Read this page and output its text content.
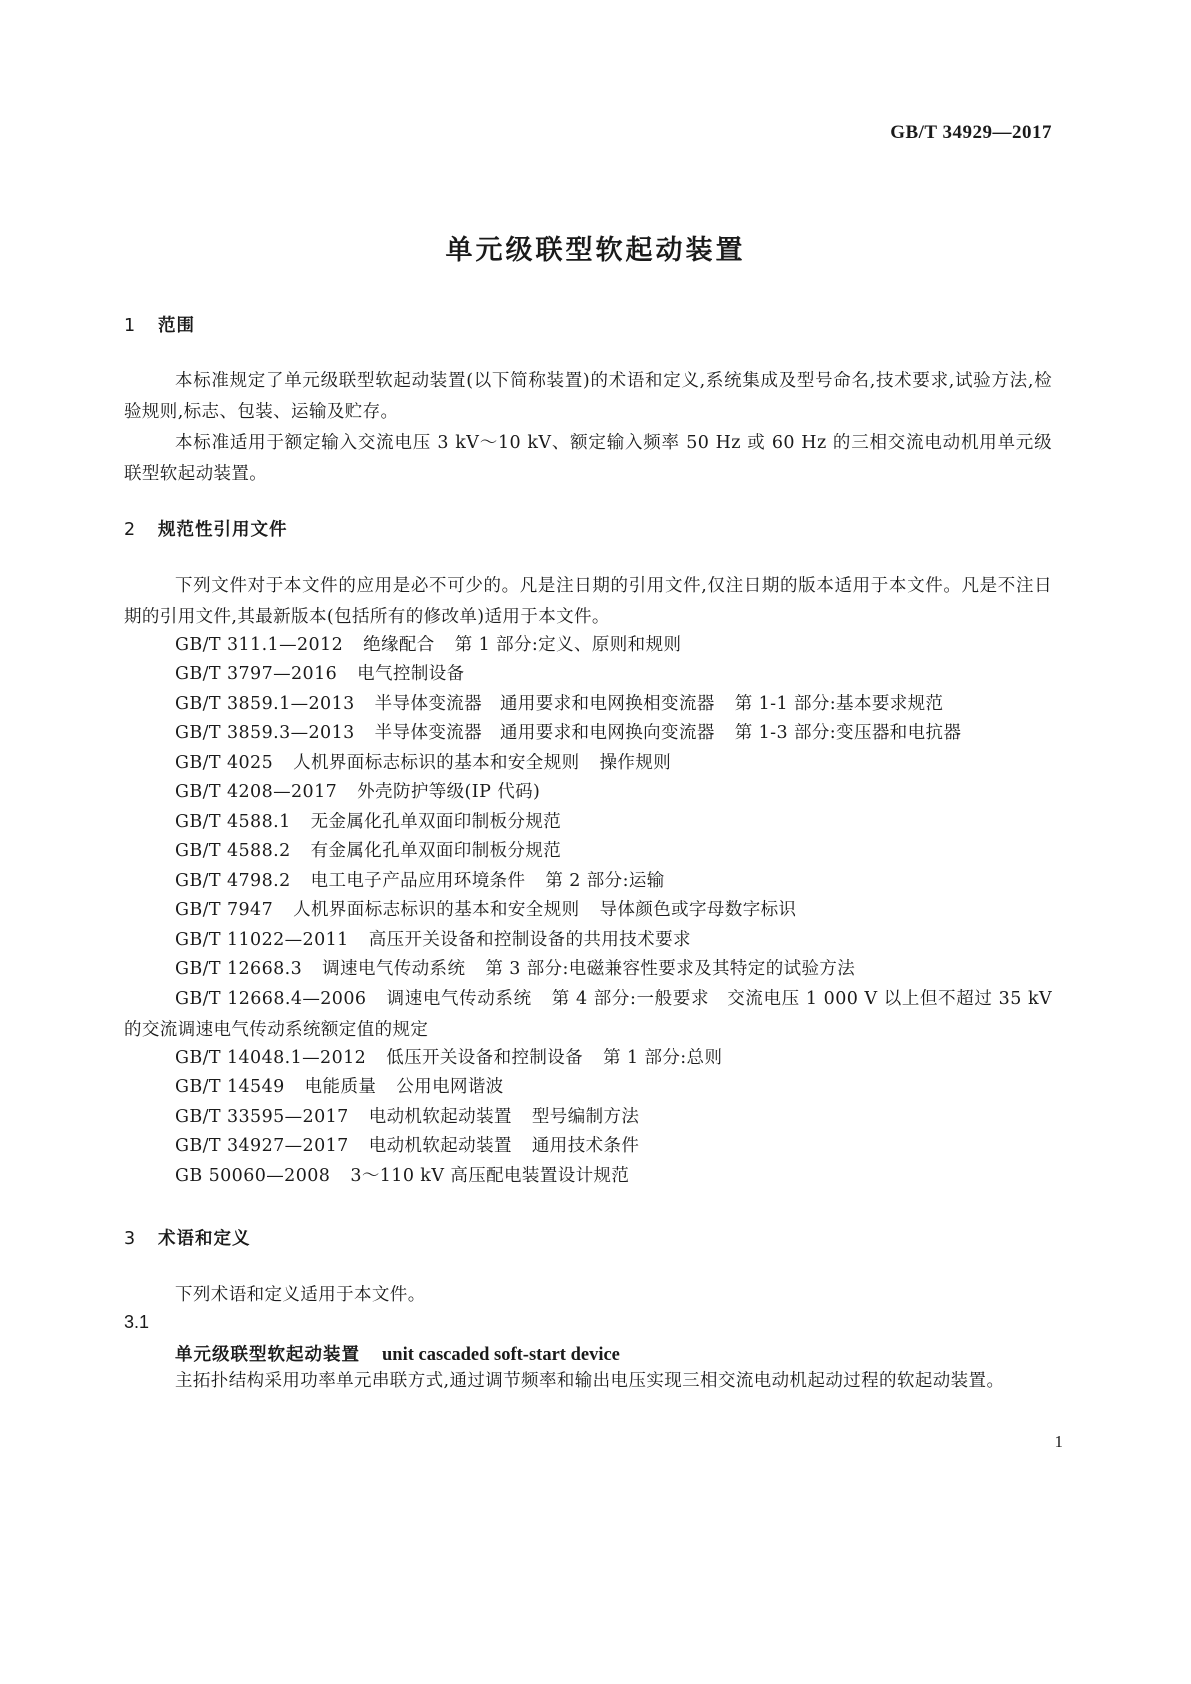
GB/T 34929—2017
单元级联型软起动装置
1 范围

本标准规定了单元级联型软起动装置(以下简称装置)的术语和定义,系统集成及型号命名,技术要求,试验方法,检验规则,标志、包装、运输及贮存。

本标准适用于额定输入交流电压 3 kV～10 kV、额定输入频率 50 Hz 或 60 Hz 的三相交流电动机用单元级联型软起动装置。

2 规范性引用文件

下列文件对于本文件的应用是必不可少的。凡是注日期的引用文件,仅注日期的版本适用于本文件。凡是不注日期的引用文件,其最新版本(包括所有的修改单)适用于本文件。

GB/T 311.1—2012 绝缘配合 第 1 部分:定义、原则和规则

GB/T 3797—2016 电气控制设备

GB/T 3859.1—2013 半导体变流器　通用要求和电网换相变流器 第 1-1 部分:基本要求规范

GB/T 3859.3—2013 半导体变流器　通用要求和电网换向变流器 第 1-3 部分:变压器和电抗器

GB/T 4025 人机界面标志标识的基本和安全规则 操作规则

GB/T 4208—2017 外壳防护等级(IP 代码)

GB/T 4588.1 无金属化孔单双面印制板分规范

GB/T 4588.2 有金属化孔单双面印制板分规范

GB/T 4798.2 电工电子产品应用环境条件 第 2 部分:运输

GB/T 7947 人机界面标志标识的基本和安全规则 导体颜色或字母数字标识

GB/T 11022—2011 高压开关设备和控制设备的共用技术要求

GB/T 12668.3 调速电气传动系统 第 3 部分:电磁兼容性要求及其特定的试验方法

GB/T 12668.4—2006 调速电气传动系统 第 4 部分:一般要求　交流电压 1 000 V 以上但不超过 35 kV 的交流调速电气传动系统额定值的规定

GB/T 14048.1—2012 低压开关设备和控制设备 第 1 部分:总则

GB/T 14549 电能质量 公用电网谐波

GB/T 33595—2017 电动机软起动装置 型号编制方法

GB/T 34927—2017 电动机软起动装置 通用技术条件

GB 50060—2008 3～110 kV 高压配电装置设计规范

3 术语和定义

下列术语和定义适用于本文件。

3.1

单元级联型软起动装置 unit cascaded soft-start device

主拓扑结构采用功率单元串联方式,通过调节频率和输出电压实现三相交流电动机起动过程的软起动装置。

1
